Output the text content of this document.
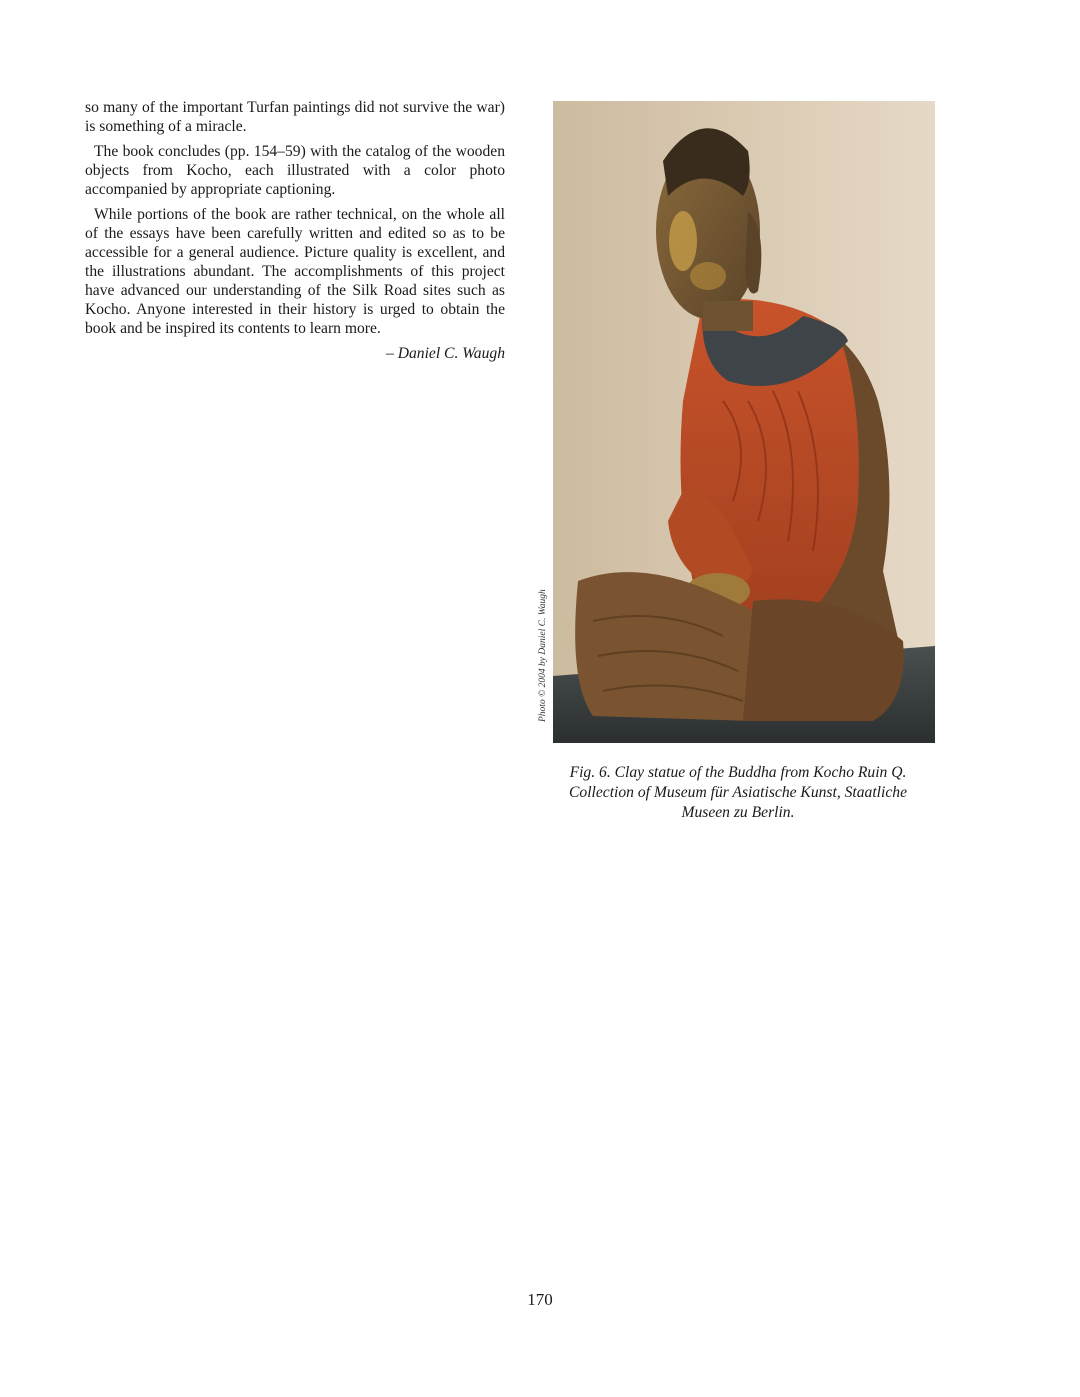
so many of the important Turfan paintings did not survive the war) is something of a miracle.

The book concludes (pp. 154–59) with the catalog of the wooden objects from Kocho, each illustrated with a color photo accompanied by appropriate captioning.

While portions of the book are rather technical, on the whole all of the essays have been carefully written and edited so as to be accessible for a general audience. Picture quality is excellent, and the illustrations abundant. The accomplishments of this project have advanced our understanding of the Silk Road sites such as Kocho. Anyone interested in their history is urged to obtain the book and be inspired its contents to learn more.

– Daniel C. Waugh
Photo © 2004 by Daniel C. Waugh
Fig. 6. Clay statue of the Buddha from Kocho Ruin Q. Collection of Museum für Asiatische Kunst, Staatliche Museen zu Berlin.
170
